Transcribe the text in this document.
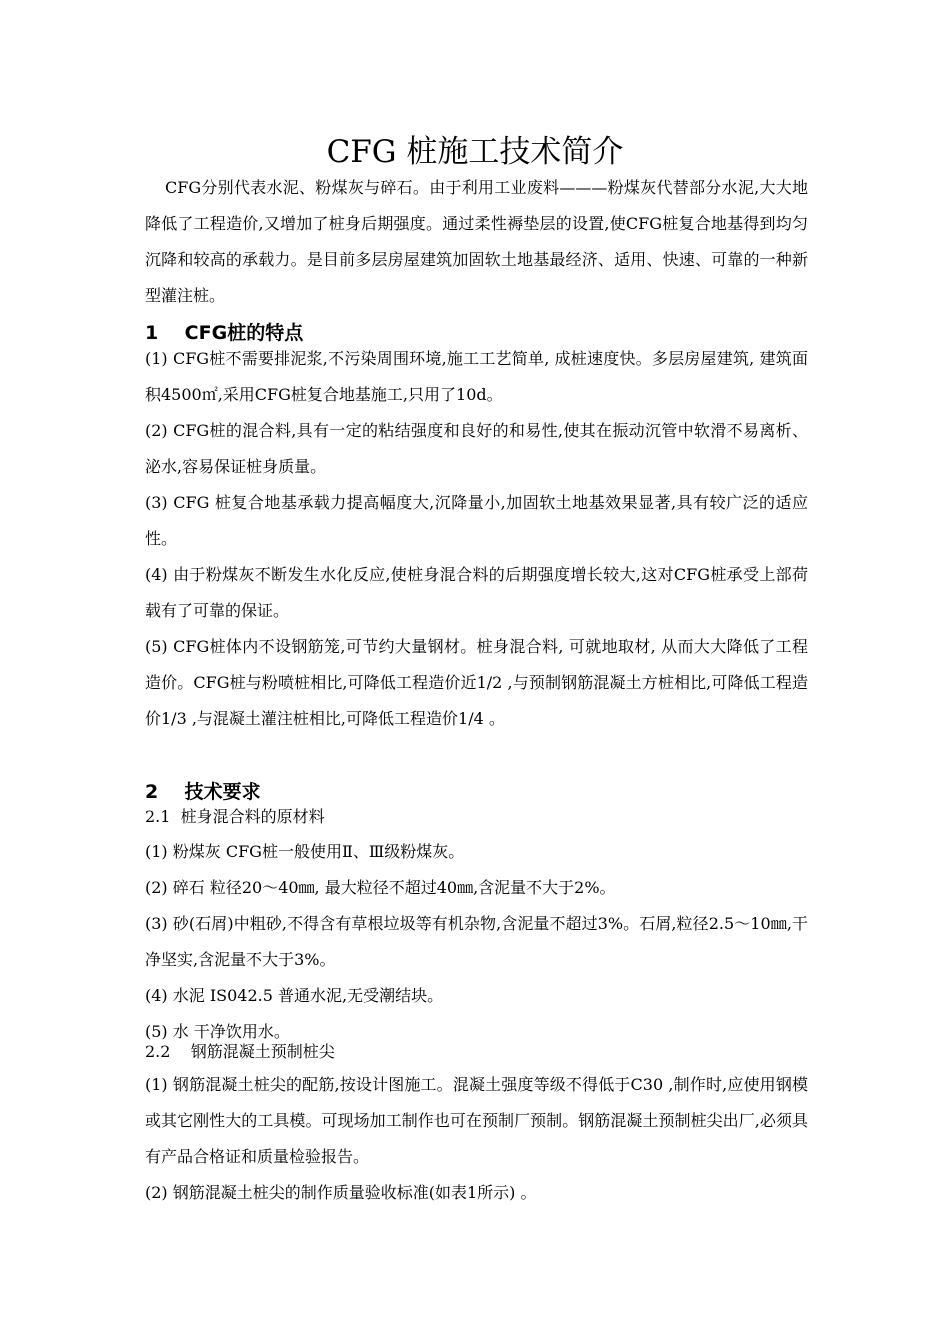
CFG 桩施工技术简介
CFG分别代表水泥、粉煤灰与碎石。由于利用工业废料———粉煤灰代替部分水泥,大大地降低了工程造价,又增加了桩身后期强度。通过柔性褥垫层的设置,使CFG桩复合地基得到均匀沉降和较高的承载力。是目前多层房屋建筑加固软土地基最经济、适用、快速、可靠的一种新型灌注桩。
1    CFG桩的特点

(1) CFG桩不需要排泥浆,不污染周围环境,施工工艺简单, 成桩速度快。多层房屋建筑, 建筑面积4500㎡,采用CFG桩复合地基施工,只用了10d。

(2) CFG桩的混合料,具有一定的粘结强度和良好的和易性,使其在振动沉管中软滑不易离析、泌水,容易保证桩身质量。

(3) CFG 桩复合地基承载力提高幅度大,沉降量小,加固软土地基效果显著,具有较广泛的适应性。

(4) 由于粉煤灰不断发生水化反应,使桩身混合料的后期强度增长较大,这对CFG桩承受上部荷载有了可靠的保证。

(5) CFG桩体内不设钢筋笼,可节约大量钢材。桩身混合料, 可就地取材, 从而大大降低了工程造价。CFG桩与粉喷桩相比,可降低工程造价近1/2 ,与预制钢筋混凝土方桩相比,可降低工程造价1/3 ,与混凝土灌注桩相比,可降低工程造价1/4 。

2    技术要求
2.1  桩身混合料的原材料

(1) 粉煤灰 CFG桩一般使用Ⅱ、Ⅲ级粉煤灰。

(2) 碎石 粒径20～40㎜, 最大粒径不超过40㎜,含泥量不大于2%。

(3) 砂(石屑)中粗砂,不得含有草根垃圾等有机杂物,含泥量不超过3%。石屑,粒径2.5～10㎜,干净坚实,含泥量不大于3%。

(4) 水泥 IS042.5 普通水泥,无受潮结块。

(5) 水 干净饮用水。

2.2    钢筋混凝土预制桩尖

(1) 钢筋混凝土桩尖的配筋,按设计图施工。混凝土强度等级不得低于C30 ,制作时,应使用钢模或其它刚性大的工具模。可现场加工制作也可在预制厂预制。钢筋混凝土预制桩尖出厂,必须具有产品合格证和质量检验报告。

(2) 钢筋混凝土桩尖的制作质量验收标准(如表1所示) 。
